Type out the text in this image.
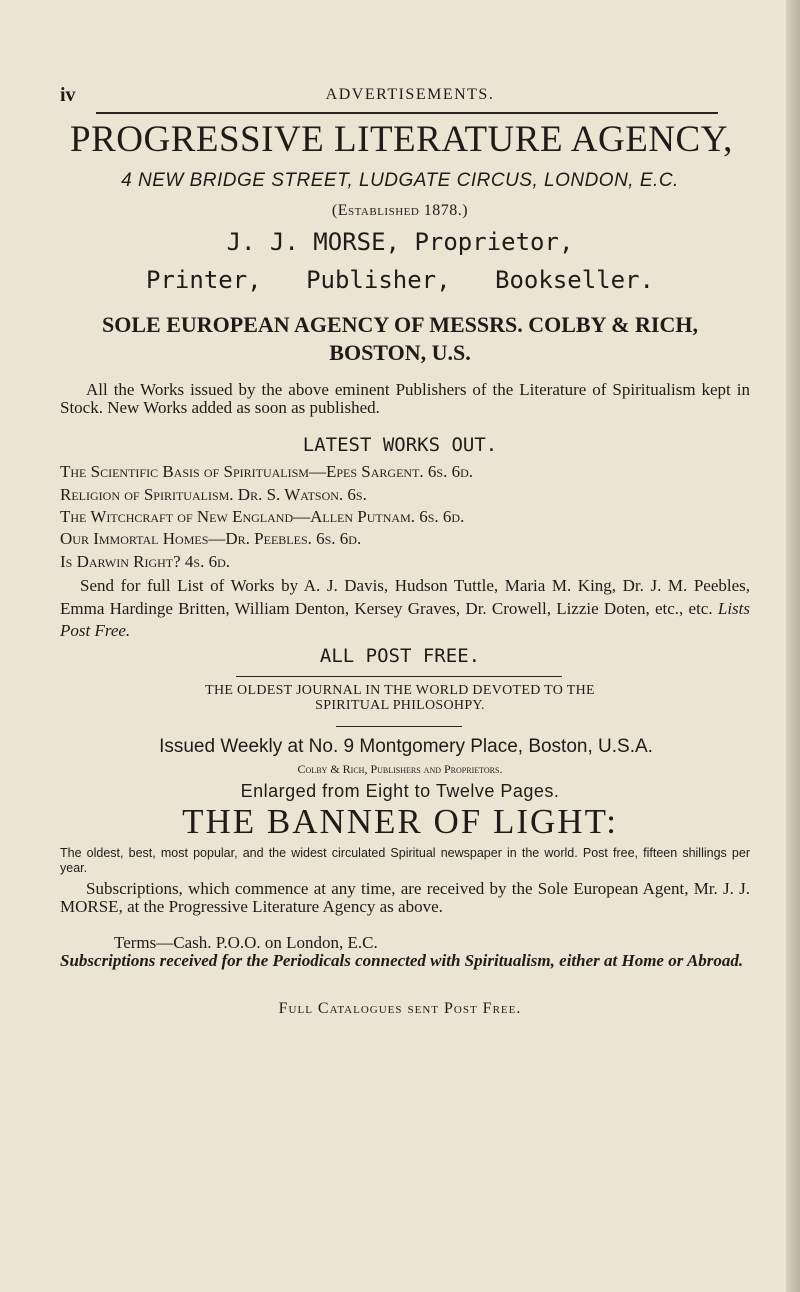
iv	ADVERTISEMENTS.
PROGRESSIVE LITERATURE AGENCY,
4 NEW BRIDGE STREET, LUDGATE CIRCUS, LONDON, E.C.
(Established 1878.)
J. J. MORSE, Proprietor,
Printer, Publisher, Bookseller.
SOLE EUROPEAN AGENCY OF MESSRS. COLBY & RICH,
BOSTON, U.S.
All the Works issued by the above eminent Publishers of the Literature of Spiritualism kept in Stock. New Works added as soon as published.
LATEST WORKS OUT.
The Scientific Basis of Spiritualism—Epes Sargent. 6s. 6d.
Religion of Spiritualism. Dr. S. Watson. 6s.
The Witchcraft of New England—Allen Putnam. 6s. 6d.
Our Immortal Homes—Dr. Peebles. 6s. 6d.
Is Darwin Right? 4s. 6d.
Send for full List of Works by A. J. Davis, Hudson Tuttle, Maria M. King, Dr. J. M. Peebles, Emma Hardinge Britten, William Denton, Kersey Graves, Dr. Crowell, Lizzie Doten, etc., etc. Lists Post Free.
ALL POST FREE.
THE OLDEST JOURNAL IN THE WORLD DEVOTED TO THE
SPIRITUAL PHILOSOHPY.
Issued Weekly at No. 9 Montgomery Place, Boston, U.S.A.
Colby & Rich, Publishers and Proprietors.
Enlarged from Eight to Twelve Pages.
THE BANNER OF LIGHT:
The oldest, best, most popular, and the widest circulated Spiritual newspaper in the world. Post free, fifteen shillings per year.
Subscriptions, which commence at any time, are received by the Sole European Agent, Mr. J. J. MORSE, at the Progressive Literature Agency as above.
Terms—Cash. P.O.O. on London, E.C.
Subscriptions received for the Periodicals connected with Spiritualism, either at Home or Abroad.
Full Catalogues sent Post Free.
